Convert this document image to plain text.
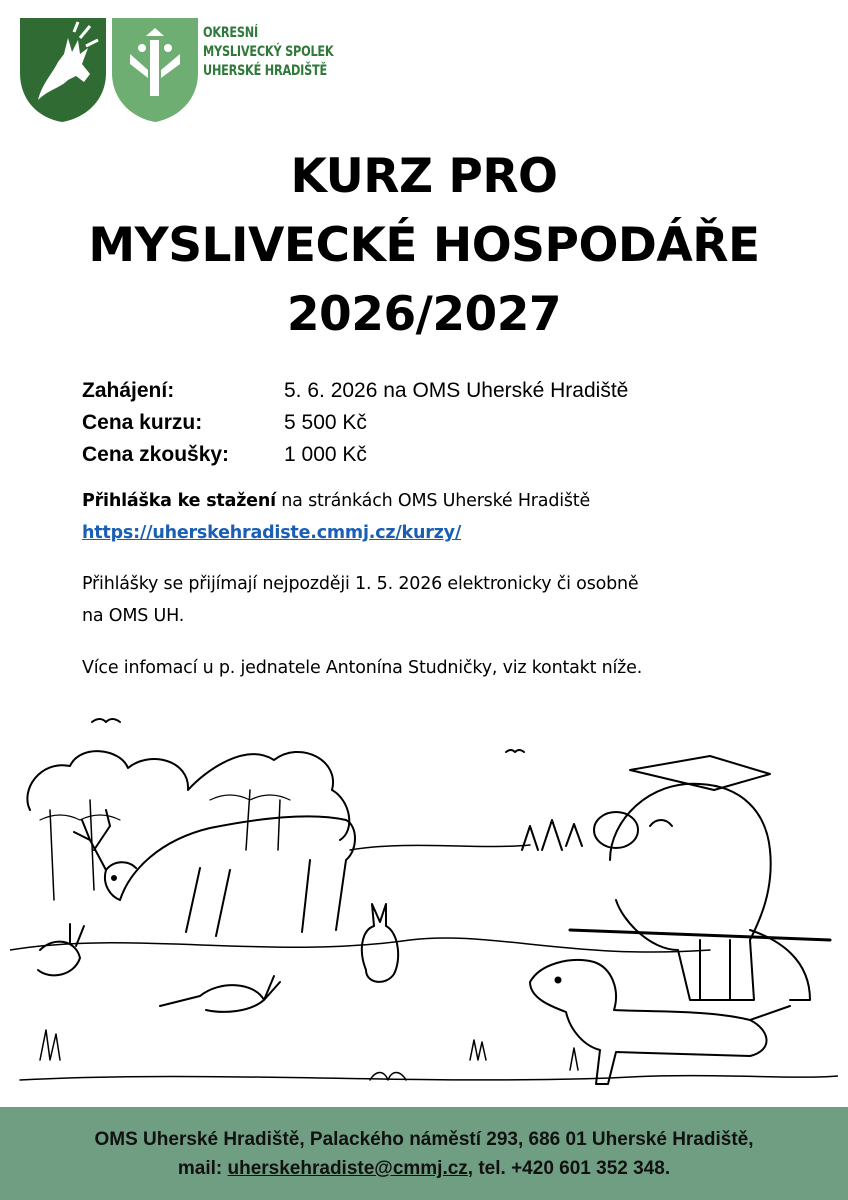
OKRESNÍ
MYSLIVECKÝ SPOLEK
UHERSKÉ HRADIŠTĚ
KURZ PRO
MYSLIVECKÉ HOSPODÁŘE
2026/2027
Zahájení:	5. 6. 2026 na OMS Uherské Hradiště
Cena kurzu:	5 500 Kč
Cena zkoušky:	1 000 Kč
Přihláška ke stažení na stránkách OMS Uherské Hradiště
https://uherskehradiste.cmmj.cz/kurzy/
Přihlášky se přijímají nejpozději 1. 5. 2026 elektronicky či osobně
na OMS UH.
Více infomací u p. jednatele Antonína Studničky, viz kontakt níže.
OMS Uherské Hradiště, Palackého náměstí 293, 686 01 Uherské Hradiště,
mail: uherskehradiste@cmmj.cz, tel. +420 601 352 348.
